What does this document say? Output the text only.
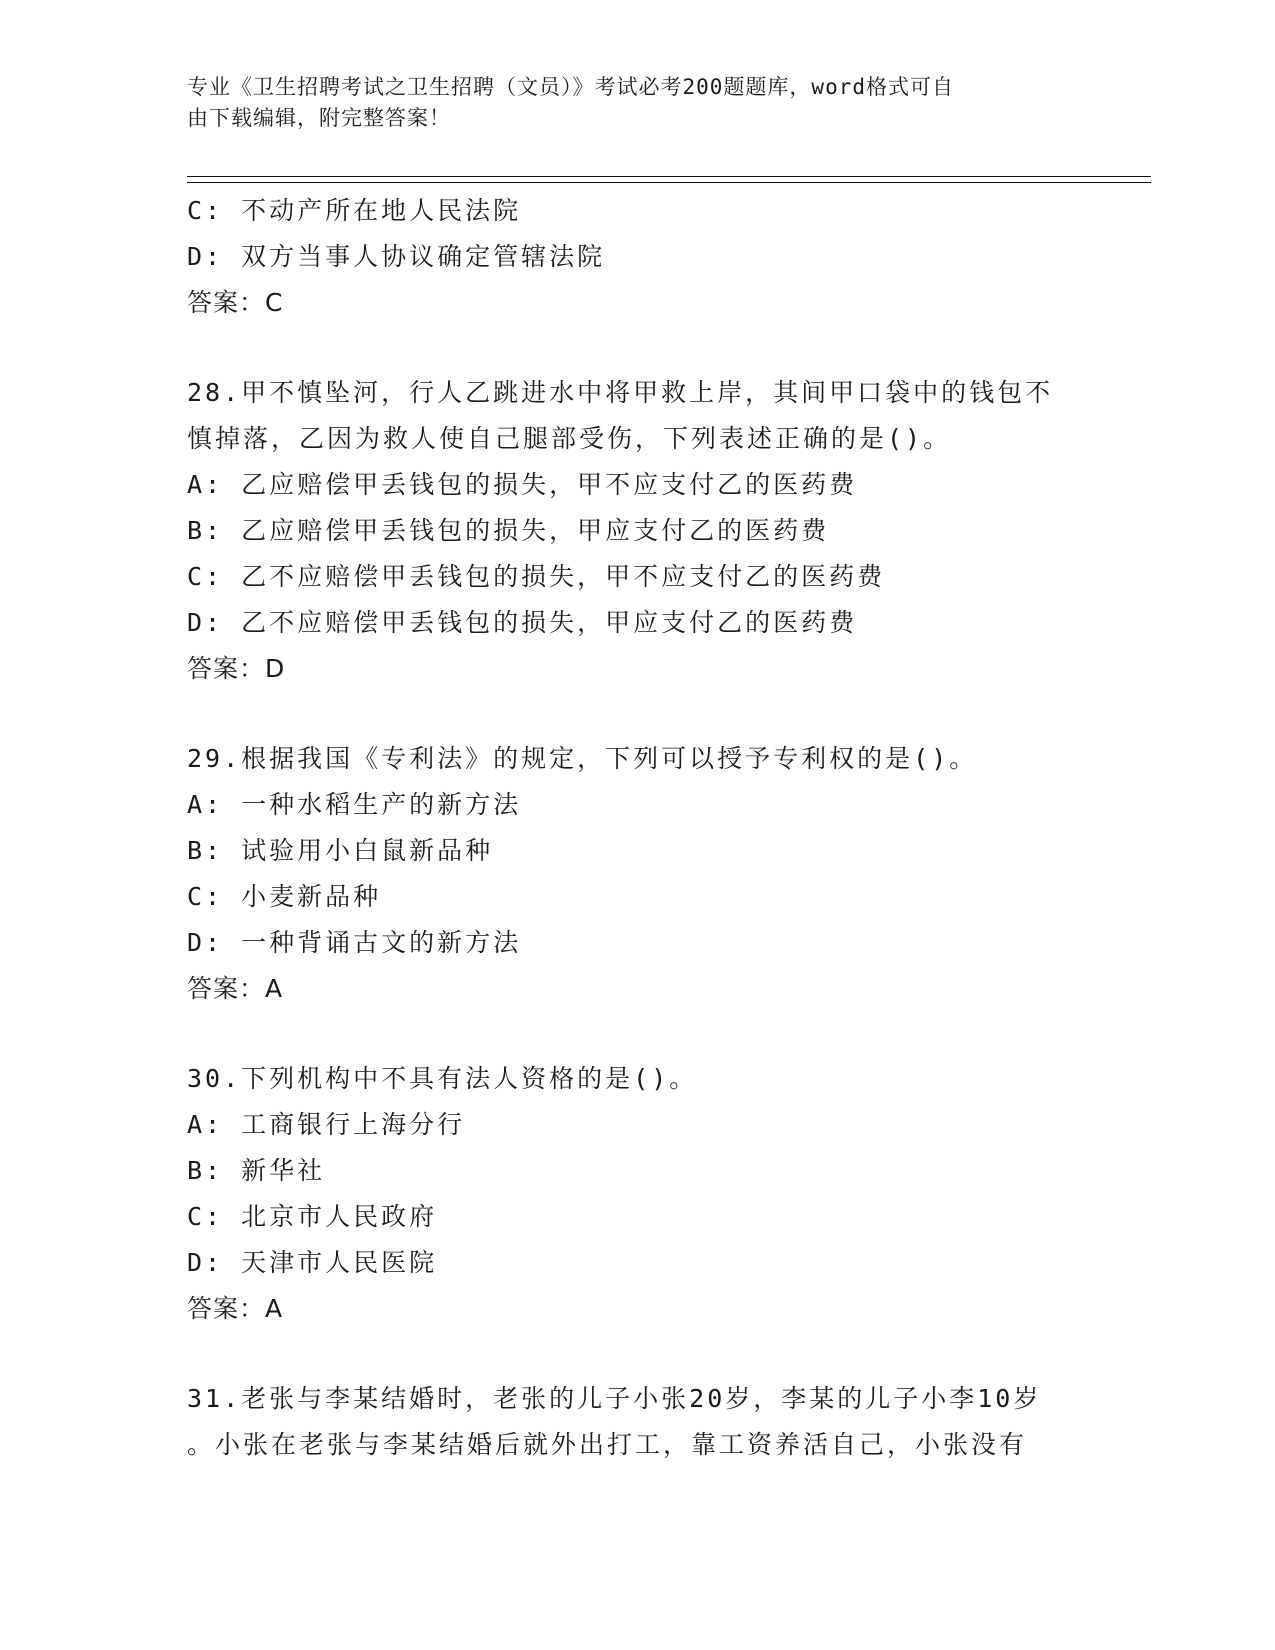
专业《卫生招聘考试之卫生招聘（文员）》考试必考200题题库，word格式可自
由下载编辑，附完整答案！
C: 不动产所在地人民法院
D: 双方当事人协议确定管辖法院
答案：C
28.甲不慎坠河，行人乙跳进水中将甲救上岸，其间甲口袋中的钱包不
慎掉落，乙因为救人使自己腿部受伤，下列表述正确的是()。
A: 乙应赔偿甲丢钱包的损失，甲不应支付乙的医药费
B: 乙应赔偿甲丢钱包的损失，甲应支付乙的医药费
C: 乙不应赔偿甲丢钱包的损失，甲不应支付乙的医药费
D: 乙不应赔偿甲丢钱包的损失，甲应支付乙的医药费
答案：D
29.根据我国《专利法》的规定，下列可以授予专利权的是()。
A: 一种水稻生产的新方法
B: 试验用小白鼠新品种
C: 小麦新品种
D: 一种背诵古文的新方法
答案：A
30.下列机构中不具有法人资格的是()。
A: 工商银行上海分行
B: 新华社
C: 北京市人民政府
D: 天津市人民医院
答案：A
31.老张与李某结婚时，老张的儿子小张20岁，李某的儿子小李10岁
。小张在老张与李某结婚后就外出打工，靠工资养活自己，小张没有
